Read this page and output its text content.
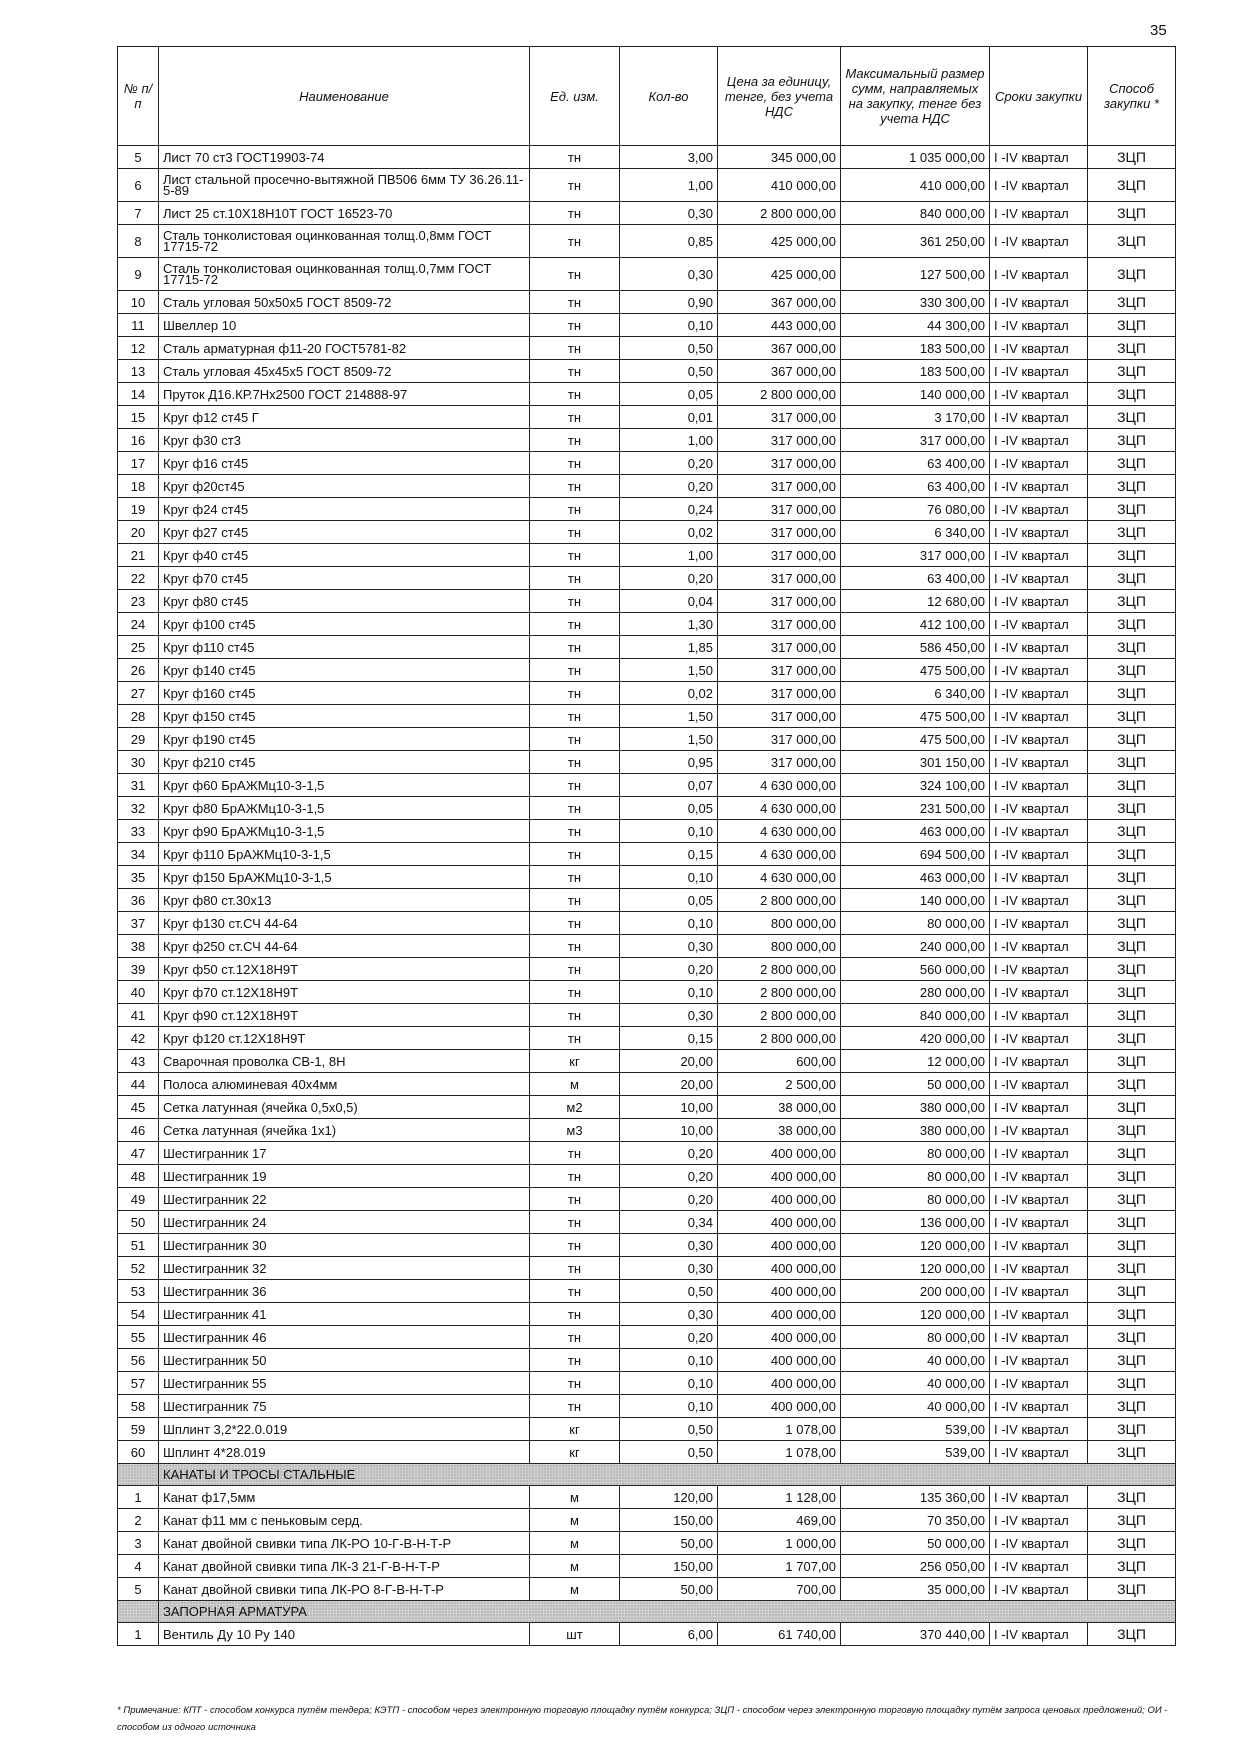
35
№ п/п	Наименование	Ед. изм.	Кол-во	Цена за единицу, тенге, без учета НДС	Максимальный размер сумм, направляемых на закупку, тенге без учета НДС	Сроки закупки	Способ закупки *
5	Лист 70 ст3 ГОСТ19903-74	тн	3,00	345 000,00	1 035 000,00	I -IV квартал	ЗЦП
6	Лист стальной просечно-вытяжной ПВ506 6мм ТУ 36.26.11-5-89	тн	1,00	410 000,00	410 000,00	I -IV квартал	ЗЦП
7	Лист 25 ст.10Х18Н10Т ГОСТ 16523-70	тн	0,30	2 800 000,00	840 000,00	I -IV квартал	ЗЦП
8	Сталь тонколистовая оцинкованная толщ.0,8мм ГОСТ 17715-72	тн	0,85	425 000,00	361 250,00	I -IV квартал	ЗЦП
9	Сталь тонколистовая оцинкованная толщ.0,7мм ГОСТ 17715-72	тн	0,30	425 000,00	127 500,00	I -IV квартал	ЗЦП
10	Сталь угловая 50х50х5 ГОСТ 8509-72	тн	0,90	367 000,00	330 300,00	I -IV квартал	ЗЦП
11	Швеллер 10	тн	0,10	443 000,00	44 300,00	I -IV квартал	ЗЦП
12	Сталь арматурная ф11-20 ГОСТ5781-82	тн	0,50	367 000,00	183 500,00	I -IV квартал	ЗЦП
13	Сталь угловая 45х45х5 ГОСТ 8509-72	тн	0,50	367 000,00	183 500,00	I -IV квартал	ЗЦП
14	Пруток Д16.КР.7Нх2500 ГОСТ 214888-97	тн	0,05	2 800 000,00	140 000,00	I -IV квартал	ЗЦП
15	Круг ф12 ст45 Г	тн	0,01	317 000,00	3 170,00	I -IV квартал	ЗЦП
16	Круг ф30 ст3	тн	1,00	317 000,00	317 000,00	I -IV квартал	ЗЦП
17	Круг ф16 ст45	тн	0,20	317 000,00	63 400,00	I -IV квартал	ЗЦП
18	Круг ф20ст45	тн	0,20	317 000,00	63 400,00	I -IV квартал	ЗЦП
19	Круг ф24 ст45	тн	0,24	317 000,00	76 080,00	I -IV квартал	ЗЦП
20	Круг ф27 ст45	тн	0,02	317 000,00	6 340,00	I -IV квартал	ЗЦП
21	Круг ф40 ст45	тн	1,00	317 000,00	317 000,00	I -IV квартал	ЗЦП
22	Круг ф70 ст45	тн	0,20	317 000,00	63 400,00	I -IV квартал	ЗЦП
23	Круг ф80 ст45	тн	0,04	317 000,00	12 680,00	I -IV квартал	ЗЦП
24	Круг ф100 ст45	тн	1,30	317 000,00	412 100,00	I -IV квартал	ЗЦП
25	Круг ф110 ст45	тн	1,85	317 000,00	586 450,00	I -IV квартал	ЗЦП
26	Круг ф140 ст45	тн	1,50	317 000,00	475 500,00	I -IV квартал	ЗЦП
27	Круг ф160 ст45	тн	0,02	317 000,00	6 340,00	I -IV квартал	ЗЦП
28	Круг ф150 ст45	тн	1,50	317 000,00	475 500,00	I -IV квартал	ЗЦП
29	Круг ф190 ст45	тн	1,50	317 000,00	475 500,00	I -IV квартал	ЗЦП
30	Круг ф210 ст45	тн	0,95	317 000,00	301 150,00	I -IV квартал	ЗЦП
31	Круг ф60 БрАЖМц10-3-1,5	тн	0,07	4 630 000,00	324 100,00	I -IV квартал	ЗЦП
32	Круг ф80 БрАЖМц10-3-1,5	тн	0,05	4 630 000,00	231 500,00	I -IV квартал	ЗЦП
33	Круг ф90 БрАЖМц10-3-1,5	тн	0,10	4 630 000,00	463 000,00	I -IV квартал	ЗЦП
34	Круг ф110 БрАЖМц10-3-1,5	тн	0,15	4 630 000,00	694 500,00	I -IV квартал	ЗЦП
35	Круг ф150 БрАЖМц10-3-1,5	тн	0,10	4 630 000,00	463 000,00	I -IV квартал	ЗЦП
36	Круг ф80 ст.30х13	тн	0,05	2 800 000,00	140 000,00	I -IV квартал	ЗЦП
37	Круг ф130 ст.СЧ 44-64	тн	0,10	800 000,00	80 000,00	I -IV квартал	ЗЦП
38	Круг ф250 ст.СЧ 44-64	тн	0,30	800 000,00	240 000,00	I -IV квартал	ЗЦП
39	Круг ф50 ст.12Х18Н9Т	тн	0,20	2 800 000,00	560 000,00	I -IV квартал	ЗЦП
40	Круг ф70 ст.12Х18Н9Т	тн	0,10	2 800 000,00	280 000,00	I -IV квартал	ЗЦП
41	Круг ф90 ст.12Х18Н9Т	тн	0,30	2 800 000,00	840 000,00	I -IV квартал	ЗЦП
42	Круг ф120 ст.12Х18Н9Т	тн	0,15	2 800 000,00	420 000,00	I -IV квартал	ЗЦП
43	Сварочная проволка СВ-1, 8Н	кг	20,00	600,00	12 000,00	I -IV квартал	ЗЦП
44	Полоса алюминевая 40х4мм	м	20,00	2 500,00	50 000,00	I -IV квартал	ЗЦП
45	Сетка латунная (ячейка 0,5х0,5)	м2	10,00	38 000,00	380 000,00	I -IV квартал	ЗЦП
46	Сетка латунная (ячейка 1х1)	м3	10,00	38 000,00	380 000,00	I -IV квартал	ЗЦП
47	Шестигранник 17	тн	0,20	400 000,00	80 000,00	I -IV квартал	ЗЦП
48	Шестигранник 19	тн	0,20	400 000,00	80 000,00	I -IV квартал	ЗЦП
49	Шестигранник 22	тн	0,20	400 000,00	80 000,00	I -IV квартал	ЗЦП
50	Шестигранник 24	тн	0,34	400 000,00	136 000,00	I -IV квартал	ЗЦП
51	Шестигранник 30	тн	0,30	400 000,00	120 000,00	I -IV квартал	ЗЦП
52	Шестигранник 32	тн	0,30	400 000,00	120 000,00	I -IV квартал	ЗЦП
53	Шестигранник 36	тн	0,50	400 000,00	200 000,00	I -IV квартал	ЗЦП
54	Шестигранник 41	тн	0,30	400 000,00	120 000,00	I -IV квартал	ЗЦП
55	Шестигранник 46	тн	0,20	400 000,00	80 000,00	I -IV квартал	ЗЦП
56	Шестигранник 50	тн	0,10	400 000,00	40 000,00	I -IV квартал	ЗЦП
57	Шестигранник 55	тн	0,10	400 000,00	40 000,00	I -IV квартал	ЗЦП
58	Шестигранник 75	тн	0,10	400 000,00	40 000,00	I -IV квартал	ЗЦП
59	Шплинт 3,2*22.0.019	кг	0,50	1 078,00	539,00	I -IV квартал	ЗЦП
60	Шплинт 4*28.019	кг	0,50	1 078,00	539,00	I -IV квартал	ЗЦП
	КАНАТЫ И ТРОСЫ СТАЛЬНЫЕ						
1	Канат ф17,5мм	м	120,00	1 128,00	135 360,00	I -IV квартал	ЗЦП
2	Канат ф11 мм с пеньковым серд.	м	150,00	469,00	70 350,00	I -IV квартал	ЗЦП
3	Канат двойной свивки типа ЛК-РО 10-Г-В-Н-Т-Р	м	50,00	1 000,00	50 000,00	I -IV квартал	ЗЦП
4	Канат двойной свивки типа ЛК-3 21-Г-В-Н-Т-Р	м	150,00	1 707,00	256 050,00	I -IV квартал	ЗЦП
5	Канат двойной свивки типа ЛК-РО 8-Г-В-Н-Т-Р	м	50,00	700,00	35 000,00	I -IV квартал	ЗЦП
	ЗАПОРНАЯ АРМАТУРА						
1	Вентиль Ду 10 Ру 140	шт	6,00	61 740,00	370 440,00	I -IV квартал	ЗЦП
* Примечание: КПТ - способом конкурса путём тендера; КЭТП - способом через электронную торговую площадку путём конкурса; ЗЦП - способом через электронную торговую площадку путём запроса ценовых предложений; ОИ - способом из одного источника
